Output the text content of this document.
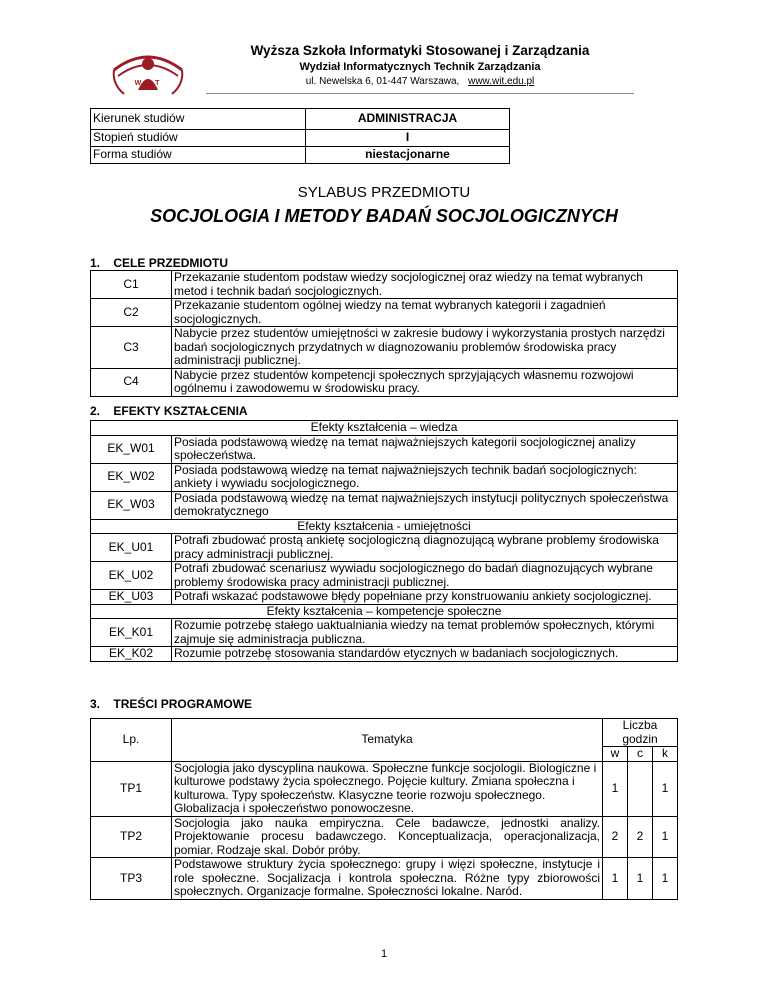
W I T
Wyższa Szkoła Informatyki Stosowanej i Zarządzania
Wydział Informatycznych Technik Zarządzania
ul. Newelska 6, 01-447 Warszawa, www.wit.edu.pl
Kierunek studiów	ADMINISTRACJA
Stopień studiów	I
Forma studiów	niestacjonarne
SYLABUS PRZEDMIOTU
SOCJOLOGIA I METODY BADAŃ SOCJOLOGICZNYCH
1. CELE PRZEDMIOTU
C1	Przekazanie studentom podstaw wiedzy socjologicznej oraz wiedzy na temat wybranych metod i technik badań socjologicznych.
C2	Przekazanie studentom ogólnej wiedzy na temat wybranych kategorii i zagadnień socjologicznych.
C3	Nabycie przez studentów umiejętności w zakresie budowy i wykorzystania prostych narzędzi badań socjologicznych przydatnych w diagnozowaniu problemów środowiska pracy administracji publicznej.
C4	Nabycie przez studentów kompetencji społecznych sprzyjających własnemu rozwojowi ogólnemu i zawodowemu w środowisku pracy.
2. EFEKTY KSZTAŁCENIA
Efekty kształcenia – wiedza	
EK_W01	Posiada podstawową wiedzę na temat najważniejszych kategorii socjologicznej analizy społeczeństwa.
EK_W02	Posiada podstawową wiedzę na temat najważniejszych technik badań socjologicznych: ankiety i wywiadu socjologicznego.
EK_W03	Posiada podstawową wiedzę na temat najważniejszych instytucji politycznych społeczeństwa demokratycznego
Efekty kształcenia - umiejętności	
EK_U01	Potrafi zbudować prostą ankietę socjologiczną diagnozującą wybrane problemy środowiska pracy administracji publicznej.
EK_U02	Potrafi zbudować scenariusz wywiadu socjologicznego do badań diagnozujących wybrane problemy środowiska pracy administracji publicznej.
EK_U03	Potrafi wskazać podstawowe błędy popełniane przy konstruowaniu ankiety socjologicznej.
Efekty kształcenia – kompetencje społeczne	
EK_K01	Rozumie potrzebę stałego uaktualniania wiedzy na temat problemów społecznych, którymi zajmuje się administracja publiczna.
EK_K02	Rozumie potrzebę stosowania standardów etycznych w badaniach socjologicznych.
3. TREŚCI PROGRAMOWE
Lp.	Tematyka	Liczba
godzin		

		w	c	k
TP1	Socjologia jako dyscyplina naukowa. Społeczne funkcje socjologii. Biologiczne i kulturowe podstawy życia społecznego. Pojęcie kultury. Zmiana społeczna i kulturowa. Typy społeczeństw. Klasyczne teorie rozwoju społecznego. Globalizacja i społeczeństwo ponowoczesne.	1		1
TP2	Socjologia jako nauka empiryczna. Cele badawcze, jednostki analizy. Projektowanie procesu badawczego. Konceptualizacja, operacjonalizacja, pomiar. Rodzaje skal. Dobór próby.	2	2	1
TP3	Podstawowe struktury życia społecznego: grupy i więzi społeczne, instytucje i role społeczne. Socjalizacja i kontrola społeczna. Różne typy zbiorowości społecznych. Organizacje formalne. Społeczności lokalne. Naród.	1	1	1
1
